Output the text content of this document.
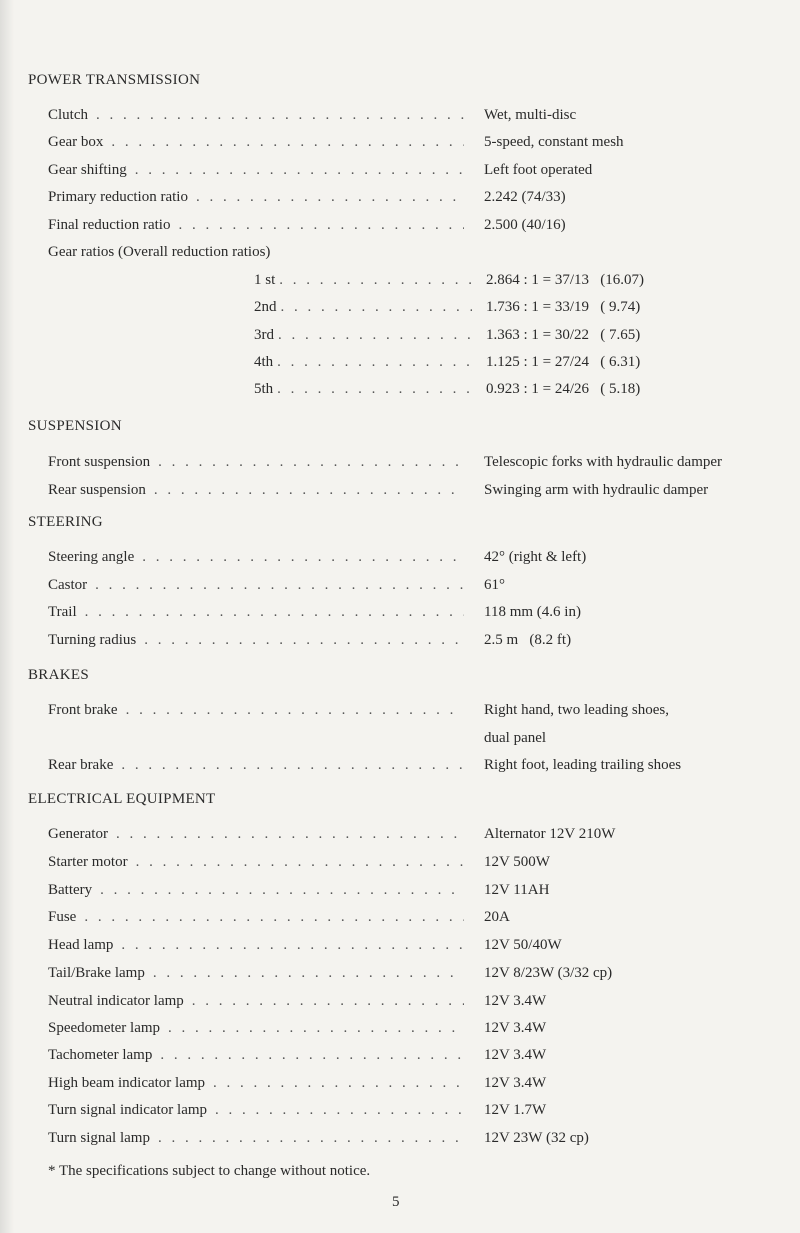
POWER TRANSMISSION
Clutch . . .	Wet, multi-disc
Gear box . . .	5-speed, constant mesh
Gear shifting . . .	Left foot operated
Primary reduction ratio . . .	2.242 (74/33)
Final reduction ratio . . .	2.500 (40/16)
Gear ratios (Overall reduction ratios)
1 st . . .	2.864 : 1 = 37/13   (16.07)
2nd . . .	1.736 : 1 = 33/19   ( 9.74)
3rd . . .	1.363 : 1 = 30/22   ( 7.65)
4th . . .	1.125 : 1 = 27/24   ( 6.31)
5th . . .	0.923 : 1 = 24/26   ( 5.18)
SUSPENSION
Front suspension . . .	Telescopic forks with hydraulic damper
Rear suspension . . .	Swinging arm with hydraulic damper
STEERING
Steering angle . . .	42° (right & left)
Castor . . .	61°
Trail . . .	118 mm (4.6 in)
Turning radius . . .	2.5 m   (8.2 ft)
BRAKES
Front brake . . .	Right hand, two leading shoes,
dual panel
Rear brake . . .	Right foot, leading trailing shoes
ELECTRICAL EQUIPMENT
Generator . . .	Alternator 12V 210W
Starter motor . . .	12V 500W
Battery . . .	12V 11AH
Fuse . . .	20A
Head lamp . . .	12V 50/40W
Tail/Brake lamp . . .	12V 8/23W (3/32 cp)
Neutral indicator lamp . . .	12V 3.4W
Speedometer lamp . . .	12V 3.4W
Tachometer lamp . . .	12V 3.4W
High beam indicator lamp . . .	12V 3.4W
Turn signal indicator lamp . . .	12V 1.7W
Turn signal lamp . . .	12V 23W (32 cp)
* The specifications subject to change without notice.
5
